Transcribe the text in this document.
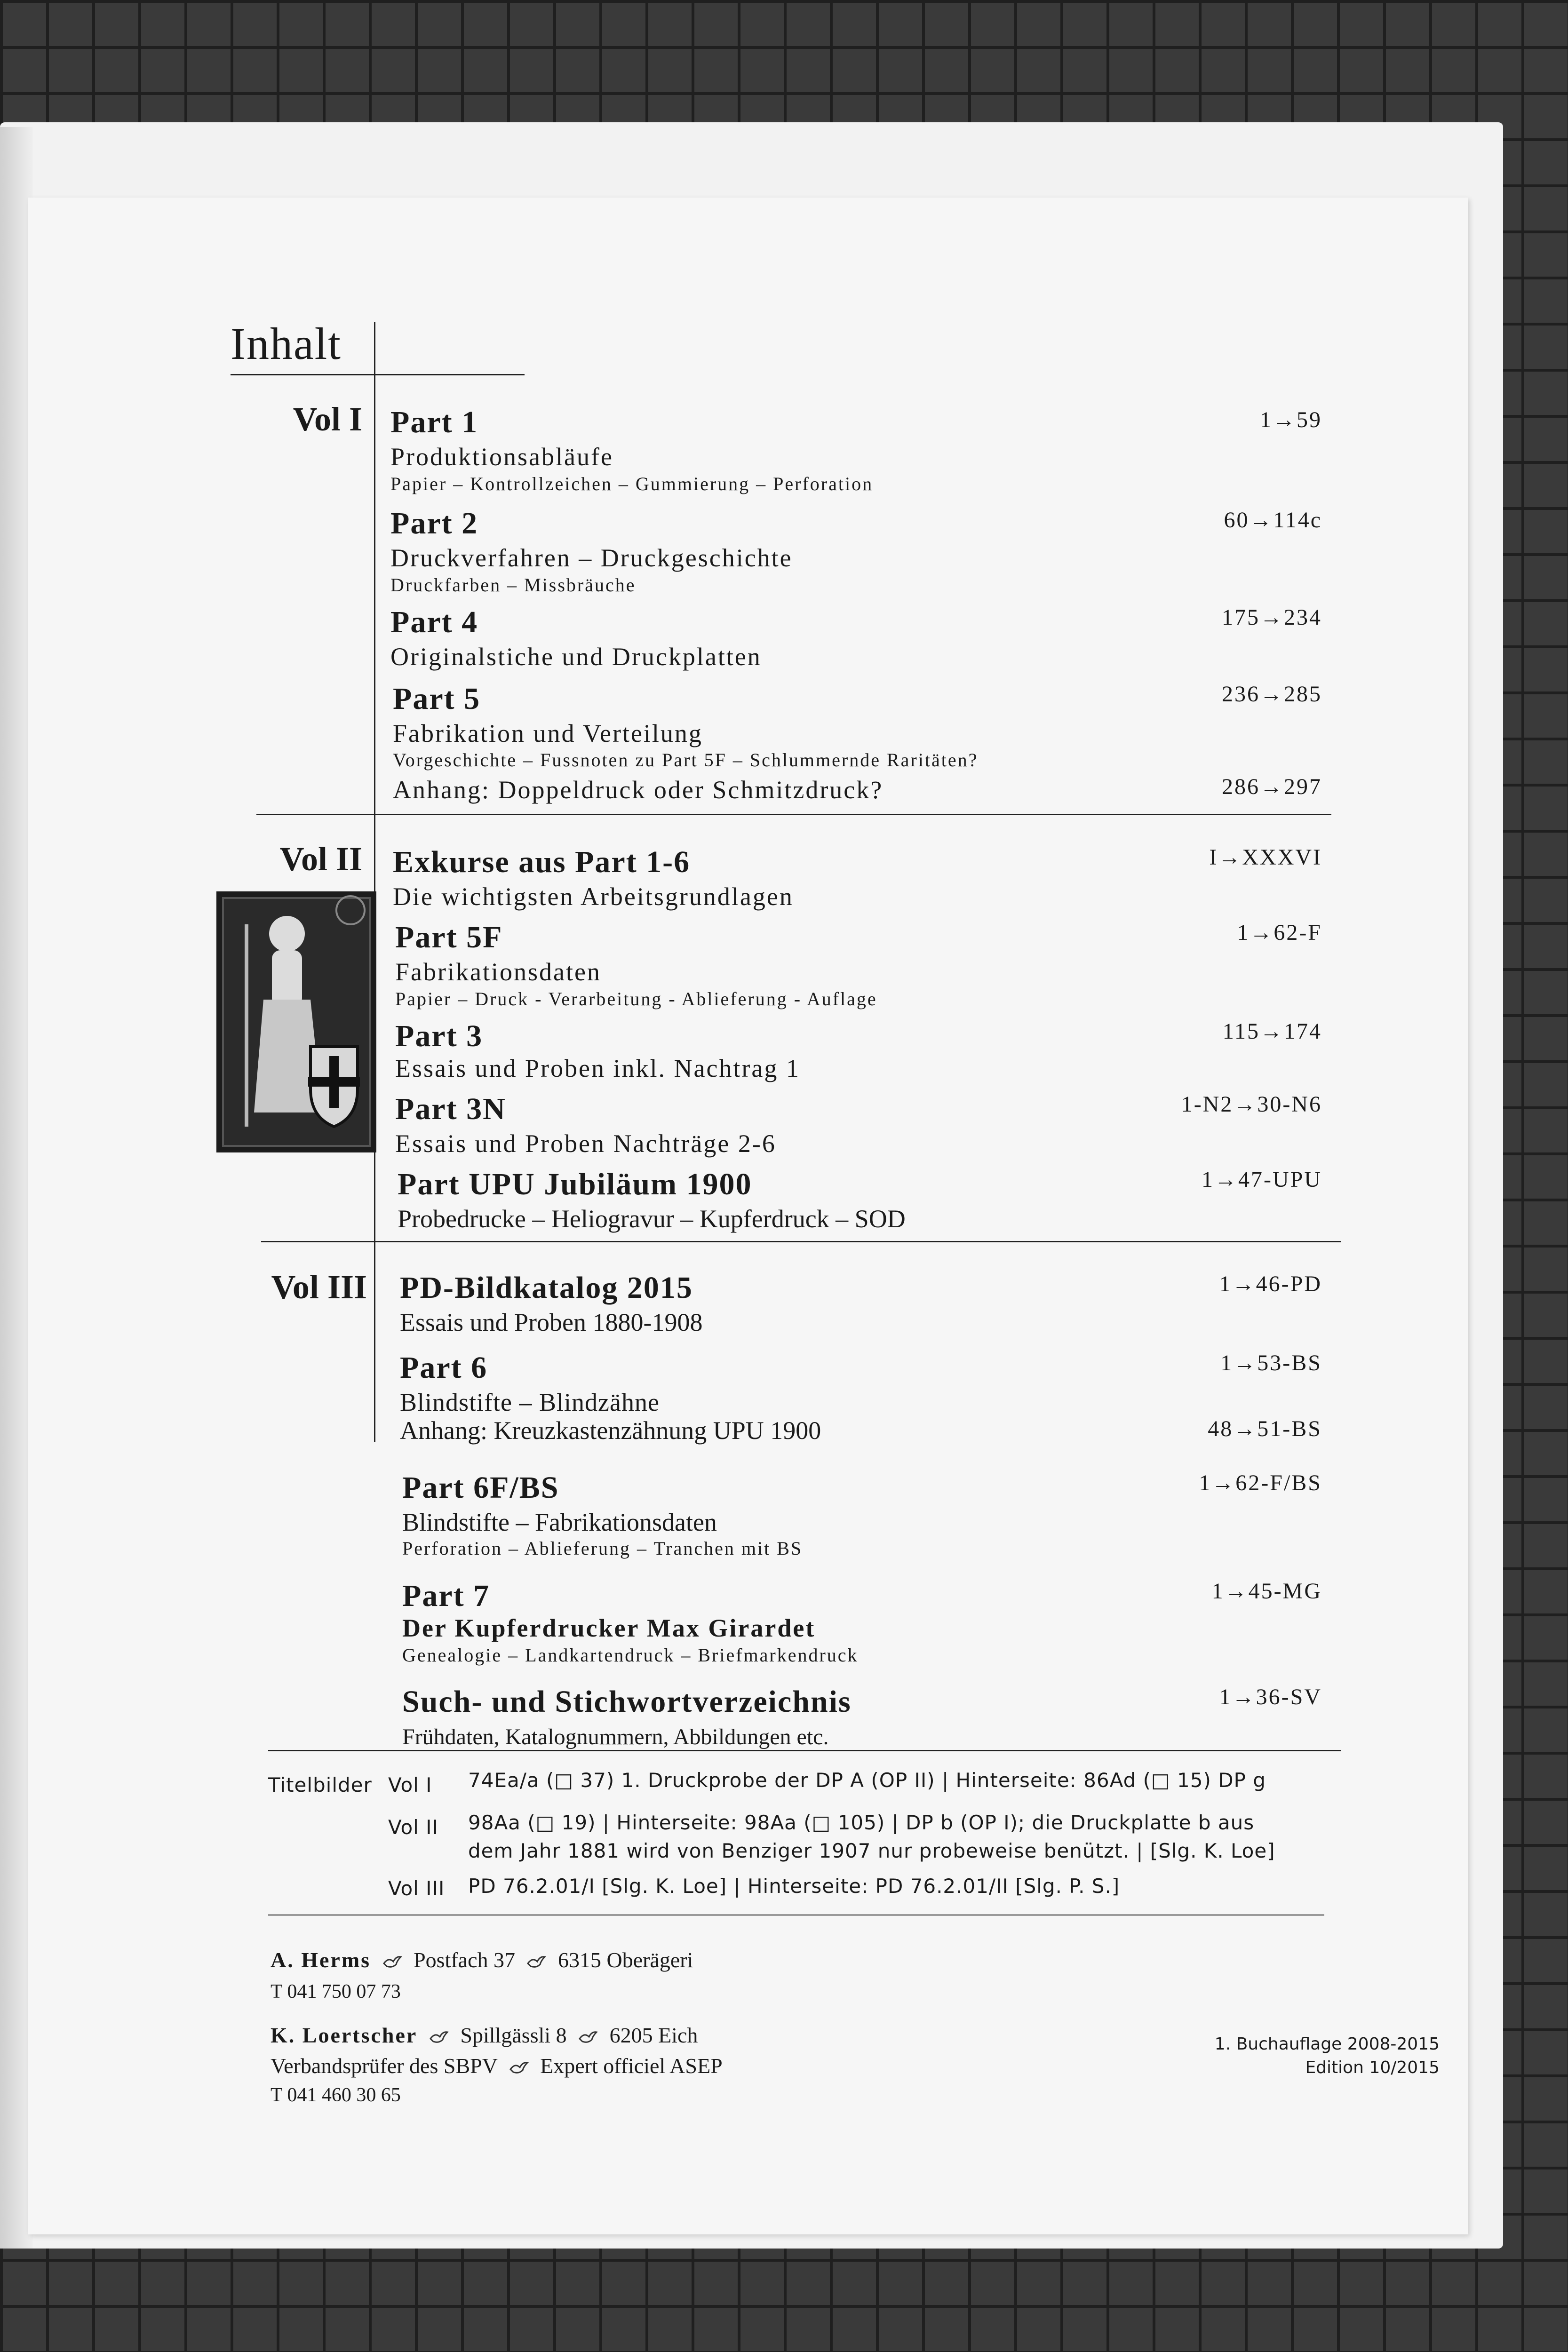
Inhalt
Vol I Part 1	1→59
Produktionsabläufe
Papier – Kontrollzeichen – Gummierung – Perforation
Part 2	60→114c
Druckverfahren – Druckgeschichte
Druckfarben – Missbräuche
Part 4	175→234
Originalstiche und Druckplatten
Part 5	236→285
Fabrikation und Verteilung
Vorgeschichte – Fussnoten zu Part 5F – Schlummernde Raritäten?
Anhang: Doppeldruck oder Schmitzdruck?	286→297
Vol II Exkurse aus Part 1-6	I→XXXVI
Die wichtigsten Arbeitsgrundlagen
Part 5F	1→62-F
Fabrikationsdaten
Papier – Druck - Verarbeitung - Ablieferung - Auflage
Part 3	115→174
Essais und Proben inkl. Nachtrag 1
Part 3N	1-N2→30-N6
Essais und Proben Nachträge 2-6
Part UPU Jubiläum 1900	1→47-UPU
Probedrucke – Heliogravur – Kupferdruck – SOD
Vol III PD-Bildkatalog 2015	1→46-PD
Essais und Proben 1880-1908
Part 6	1→53-BS
Blindstifte – Blindzähne
Anhang: Kreuzkastenzähnung UPU 1900	48→51-BS
Part 6F/BS	1→62-F/BS
Blindstifte – Fabrikationsdaten
Perforation – Ablieferung – Tranchen mit BS
Part 7	1→45-MG
Der Kupferdrucker Max Girardet
Genealogie – Landkartendruck – Briefmarkendruck
Such- und Stichwortverzeichnis	1→36-SV
Frühdaten, Katalognummern, Abbildungen etc.
Titelbilder Vol I 74Ea/a (□ 37) 1. Druckprobe der DP A (OP II) | Hinterseite: 86Ad (□ 15) DP g
Vol II 98Aa (□ 19) | Hinterseite: 98Aa (□ 105) | DP b (OP I); die Druckplatte b aus
dem Jahr 1881 wird von Benziger 1907 nur probeweise benützt. | [Slg. K. Loe]
Vol III PD 76.2.01/I [Slg. K. Loe] | Hinterseite: PD 76.2.01/II [Slg. P. S.]
A. Herms Postfach 37 6315 Oberägeri
T 041 750 07 73
K. Loertscher Spillgässli 8 6205 Eich
Verbandsprüfer des SBPV Expert officiel ASEP
T 041 460 30 65
1. Buchauflage 2008-2015
Edition 10/2015
